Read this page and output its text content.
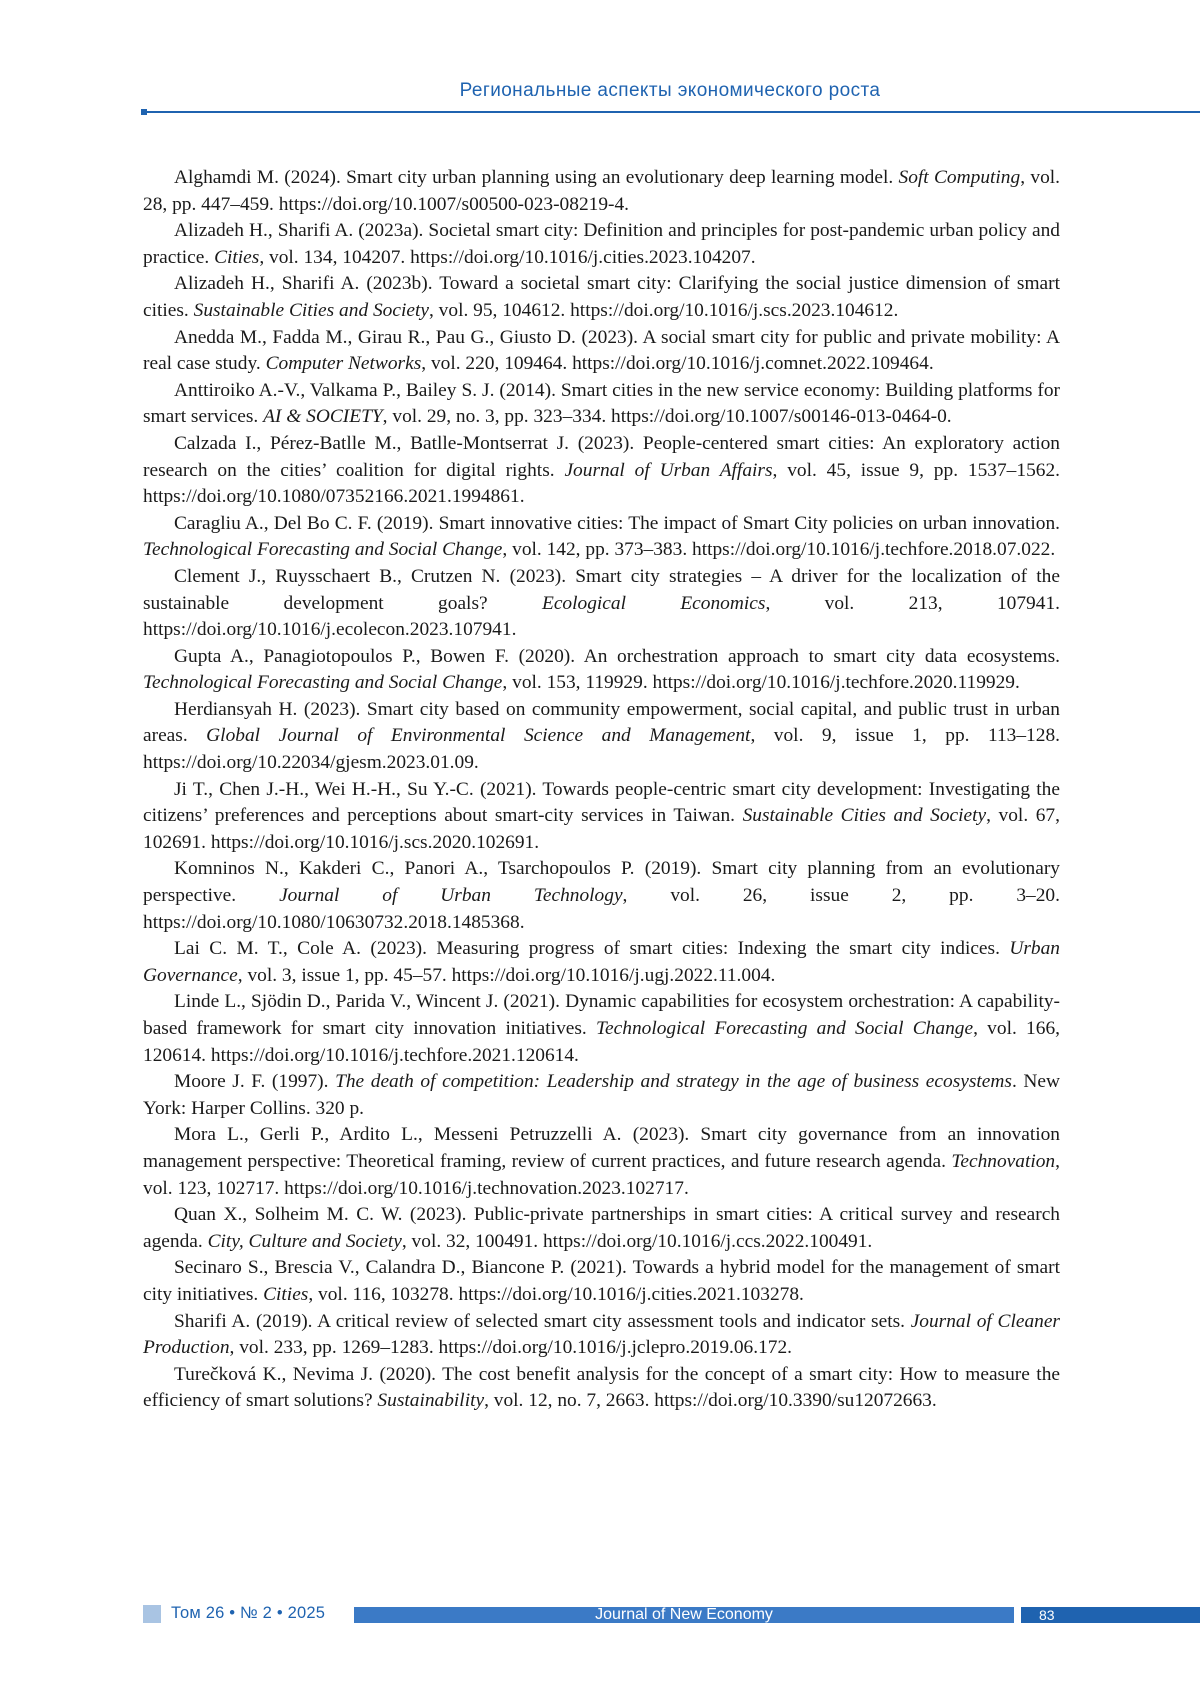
Региональные аспекты экономического роста

Alghamdi M. (2024). Smart city urban planning using an evolutionary deep learning model. Soft Computing, vol. 28, pp. 447–459. https://doi.org/10.1007/s00500-023-08219-4.

Alizadeh H., Sharifi A. (2023a). Societal smart city: Definition and principles for post-pandemic urban policy and practice. Cities, vol. 134, 104207. https://doi.org/10.1016/j.cities.2023.104207.

Alizadeh H., Sharifi A. (2023b). Toward a societal smart city: Clarifying the social justice dimension of smart cities. Sustainable Cities and Society, vol. 95, 104612. https://doi.org/10.1016/j.scs.2023.104612.

Anedda M., Fadda M., Girau R., Pau G., Giusto D. (2023). A social smart city for public and private mobility: A real case study. Computer Networks, vol. 220, 109464. https://doi.org/10.1016/j.comnet.2022.109464.

Anttiroiko A.-V., Valkama P., Bailey S. J. (2014). Smart cities in the new service economy: Building platforms for smart services. AI & SOCIETY, vol. 29, no. 3, pp. 323–334. https://doi.org/10.1007/s00146-013-0464-0.

Calzada I., Pérez-Batlle M., Batlle-Montserrat J. (2023). People-centered smart cities: An exploratory action research on the cities’ coalition for digital rights. Journal of Urban Affairs, vol. 45, issue 9, pp. 1537–1562. https://doi.org/10.1080/07352166.2021.1994861.

Caragliu A., Del Bo C. F. (2019). Smart innovative cities: The impact of Smart City policies on urban innovation. Technological Forecasting and Social Change, vol. 142, pp. 373–383. https://doi.org/10.1016/j.techfore.2018.07.022.

Clement J., Ruysschaert B., Crutzen N. (2023). Smart city strategies – A driver for the localization of the sustainable development goals? Ecological Economics, vol. 213, 107941. https://doi.org/10.1016/j.ecolecon.2023.107941.

Gupta A., Panagiotopoulos P., Bowen F. (2020). An orchestration approach to smart city data ecosystems. Technological Forecasting and Social Change, vol. 153, 119929. https://doi.org/10.1016/j.techfore.2020.119929.

Herdiansyah H. (2023). Smart city based on community empowerment, social capital, and public trust in urban areas. Global Journal of Environmental Science and Management, vol. 9, issue 1, pp. 113–128. https://doi.org/10.22034/gjesm.2023.01.09.

Ji T., Chen J.-H., Wei H.-H., Su Y.-C. (2021). Towards people-centric smart city development: Investigating the citizens’ preferences and perceptions about smart-city services in Taiwan. Sustainable Cities and Society, vol. 67, 102691. https://doi.org/10.1016/j.scs.2020.102691.

Komninos N., Kakderi C., Panori A., Tsarchopoulos P. (2019). Smart city planning from an evolutionary perspective. Journal of Urban Technology, vol. 26, issue 2, pp. 3–20. https://doi.org/10.1080/10630732.2018.1485368.

Lai C. M. T., Cole A. (2023). Measuring progress of smart cities: Indexing the smart city indices. Urban Governance, vol. 3, issue 1, pp. 45–57. https://doi.org/10.1016/j.ugj.2022.11.004.

Linde L., Sjödin D., Parida V., Wincent J. (2021). Dynamic capabilities for ecosystem orchestration: A capability-based framework for smart city innovation initiatives. Technological Forecasting and Social Change, vol. 166, 120614. https://doi.org/10.1016/j.techfore.2021.120614.

Moore J. F. (1997). The death of competition: Leadership and strategy in the age of business ecosystems. New York: Harper Collins. 320 p.

Mora L., Gerli P., Ardito L., Messeni Petruzzelli A. (2023). Smart city governance from an innovation management perspective: Theoretical framing, review of current practices, and future research agenda. Technovation, vol. 123, 102717. https://doi.org/10.1016/j.technovation.2023.102717.

Quan X., Solheim M. C. W. (2023). Public-private partnerships in smart cities: A critical survey and research agenda. City, Culture and Society, vol. 32, 100491. https://doi.org/10.1016/j.ccs.2022.100491.

Secinaro S., Brescia V., Calandra D., Biancone P. (2021). Towards a hybrid model for the management of smart city initiatives. Cities, vol. 116, 103278. https://doi.org/10.1016/j.cities.2021.103278.

Sharifi A. (2019). A critical review of selected smart city assessment tools and indicator sets. Journal of Cleaner Production, vol. 233, pp. 1269–1283. https://doi.org/10.1016/j.jclepro.2019.06.172.

Turečková K., Nevima J. (2020). The cost benefit analysis for the concept of a smart city: How to measure the efficiency of smart solutions? Sustainability, vol. 12, no. 7, 2663. https://doi.org/10.3390/su12072663.

Том 26 • № 2 • 2025	Journal of New Economy	83
